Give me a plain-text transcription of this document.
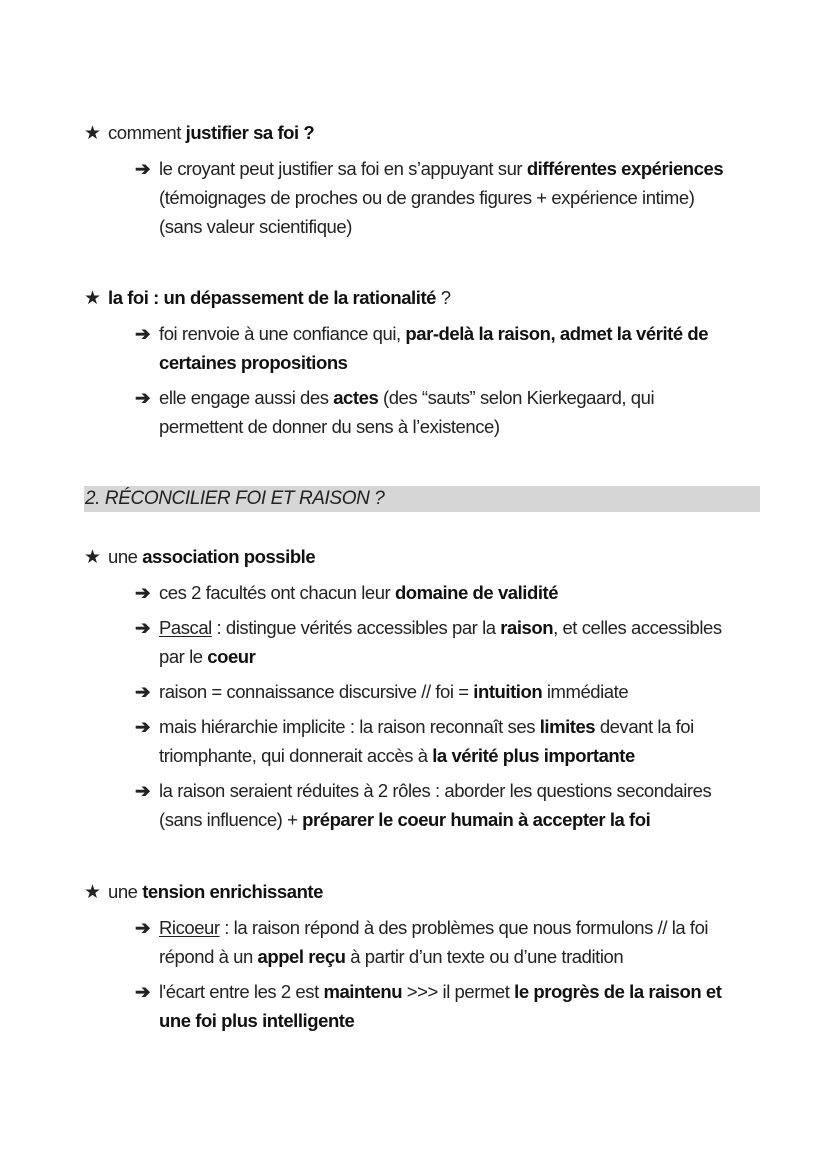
★ comment justifier sa foi ?
➔ le croyant peut justifier sa foi en s’appuyant sur différentes expériences
(témoignages de proches ou de grandes figures + expérience intime)
(sans valeur scientifique)
★ la foi : un dépassement de la rationalité ?
➔ foi renvoie à une confiance qui, par-delà la raison, admet la vérité de
certaines propositions
➔ elle engage aussi des actes (des “sauts” selon Kierkegaard, qui
permettent de donner du sens à l’existence)
2. RÉCONCILIER FOI ET RAISON ?
★ une association possible
➔ ces 2 facultés ont chacun leur domaine de validité
➔ Pascal : distingue vérités accessibles par la raison, et celles accessibles
par le coeur
➔ raison = connaissance discursive // foi = intuition immédiate
➔ mais hiérarchie implicite : la raison reconnaît ses limites devant la foi
triomphante, qui donnerait accès à la vérité plus importante
➔ la raison seraient réduites à 2 rôles : aborder les questions secondaires
(sans influence) + préparer le coeur humain à accepter la foi
★ une tension enrichissante
➔ Ricoeur : la raison répond à des problèmes que nous formulons // la foi
répond à un appel reçu à partir d’un texte ou d’une tradition
➔ l'écart entre les 2 est maintenu >>> il permet le progrès de la raison et
une foi plus intelligente
